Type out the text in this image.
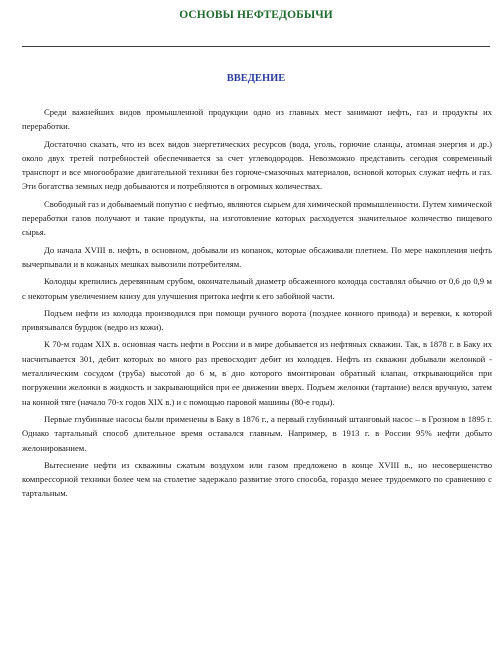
ОСНОВЫ НЕФТЕДОБЫЧИ
ВВЕДЕНИЕ

Среди важнейших видов промышленной продукции одно из главных мест занимают нефть, газ и продукты их переработки.

Достаточно сказать, что из всех видов энергетических ресурсов (вода, уголь, горючие сланцы, атомная энергия и др.) около двух третей потребностей обеспечивается за счет углеводородов. Невозможно представить сегодня современный транспорт и все многообразие двигательной техники без горюче-смазочных материалов, основой которых служат нефть и газ. Эти богатства земных недр добываются и потребляются в огромных количествах.

Свободный газ и добываемый попутно с нефтью, являются сырьем для химической промышленности. Путем химической переработки газов получают и такие продукты, на изготовление которых расходуется значительное количество пищевого сырья.

До начала XVIII в. нефть, в основном, добывали из копанок, которые обсаживали плетнем. По мере накопления нефть вычерпывали и в кожаных мешках вывозили потребителям.

Колодцы крепились деревянным срубом, окончательный диаметр обсаженного колодца составлял обычно от 0,6 до 0,9 м с некоторым увеличением книзу для улучшения притока нефти к его забойной части.

Подъем нефти из колодца производился при помощи ручного ворота (позднее конного привода) и веревки, к которой привязывался бурдюк (ведро из кожи).

К 70-м годам XIX в. основная часть нефти в России и в мире добывается из нефтяных скважин. Так, в 1878 г. в Баку их насчитывается 301, дебит которых во много раз превосходит дебит из колодцев. Нефть из скважин добывали желонкой - металлическим сосудом (труба) высотой до 6 м, в дно которого вмонтирован обратный клапан, открывающийся при погружении желонки в жидкость и закрывающийся при ее движении вверх. Подъем желонки (тартание) велся вручную, затем на конной тяге (начало 70-х годов XIX в.) и с помощью паровой машины (80-е годы).

Первые глубинные насосы были применены в Баку в 1876 г., а первый глубинный штанговый насос – в Грозном в 1895 г. Однако тартальный способ длительное время оставался главным. Например, в 1913 г. в России 95% нефти добыто желонированием.

Вытеснение нефти из скважины сжатым воздухом или газом предложено в конце XVIII в., но несовершенство компрессорной техники более чем на столетие задержало развитие этого способа, гораздо менее трудоемкого по сравнению с тартальным.
